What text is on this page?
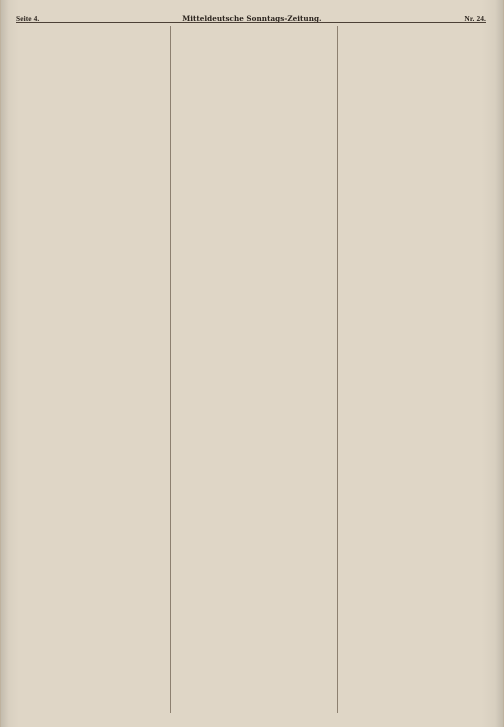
Seite 4.	Mitteldeutsche Sonntags-Zeitung.	Nr. 24.
